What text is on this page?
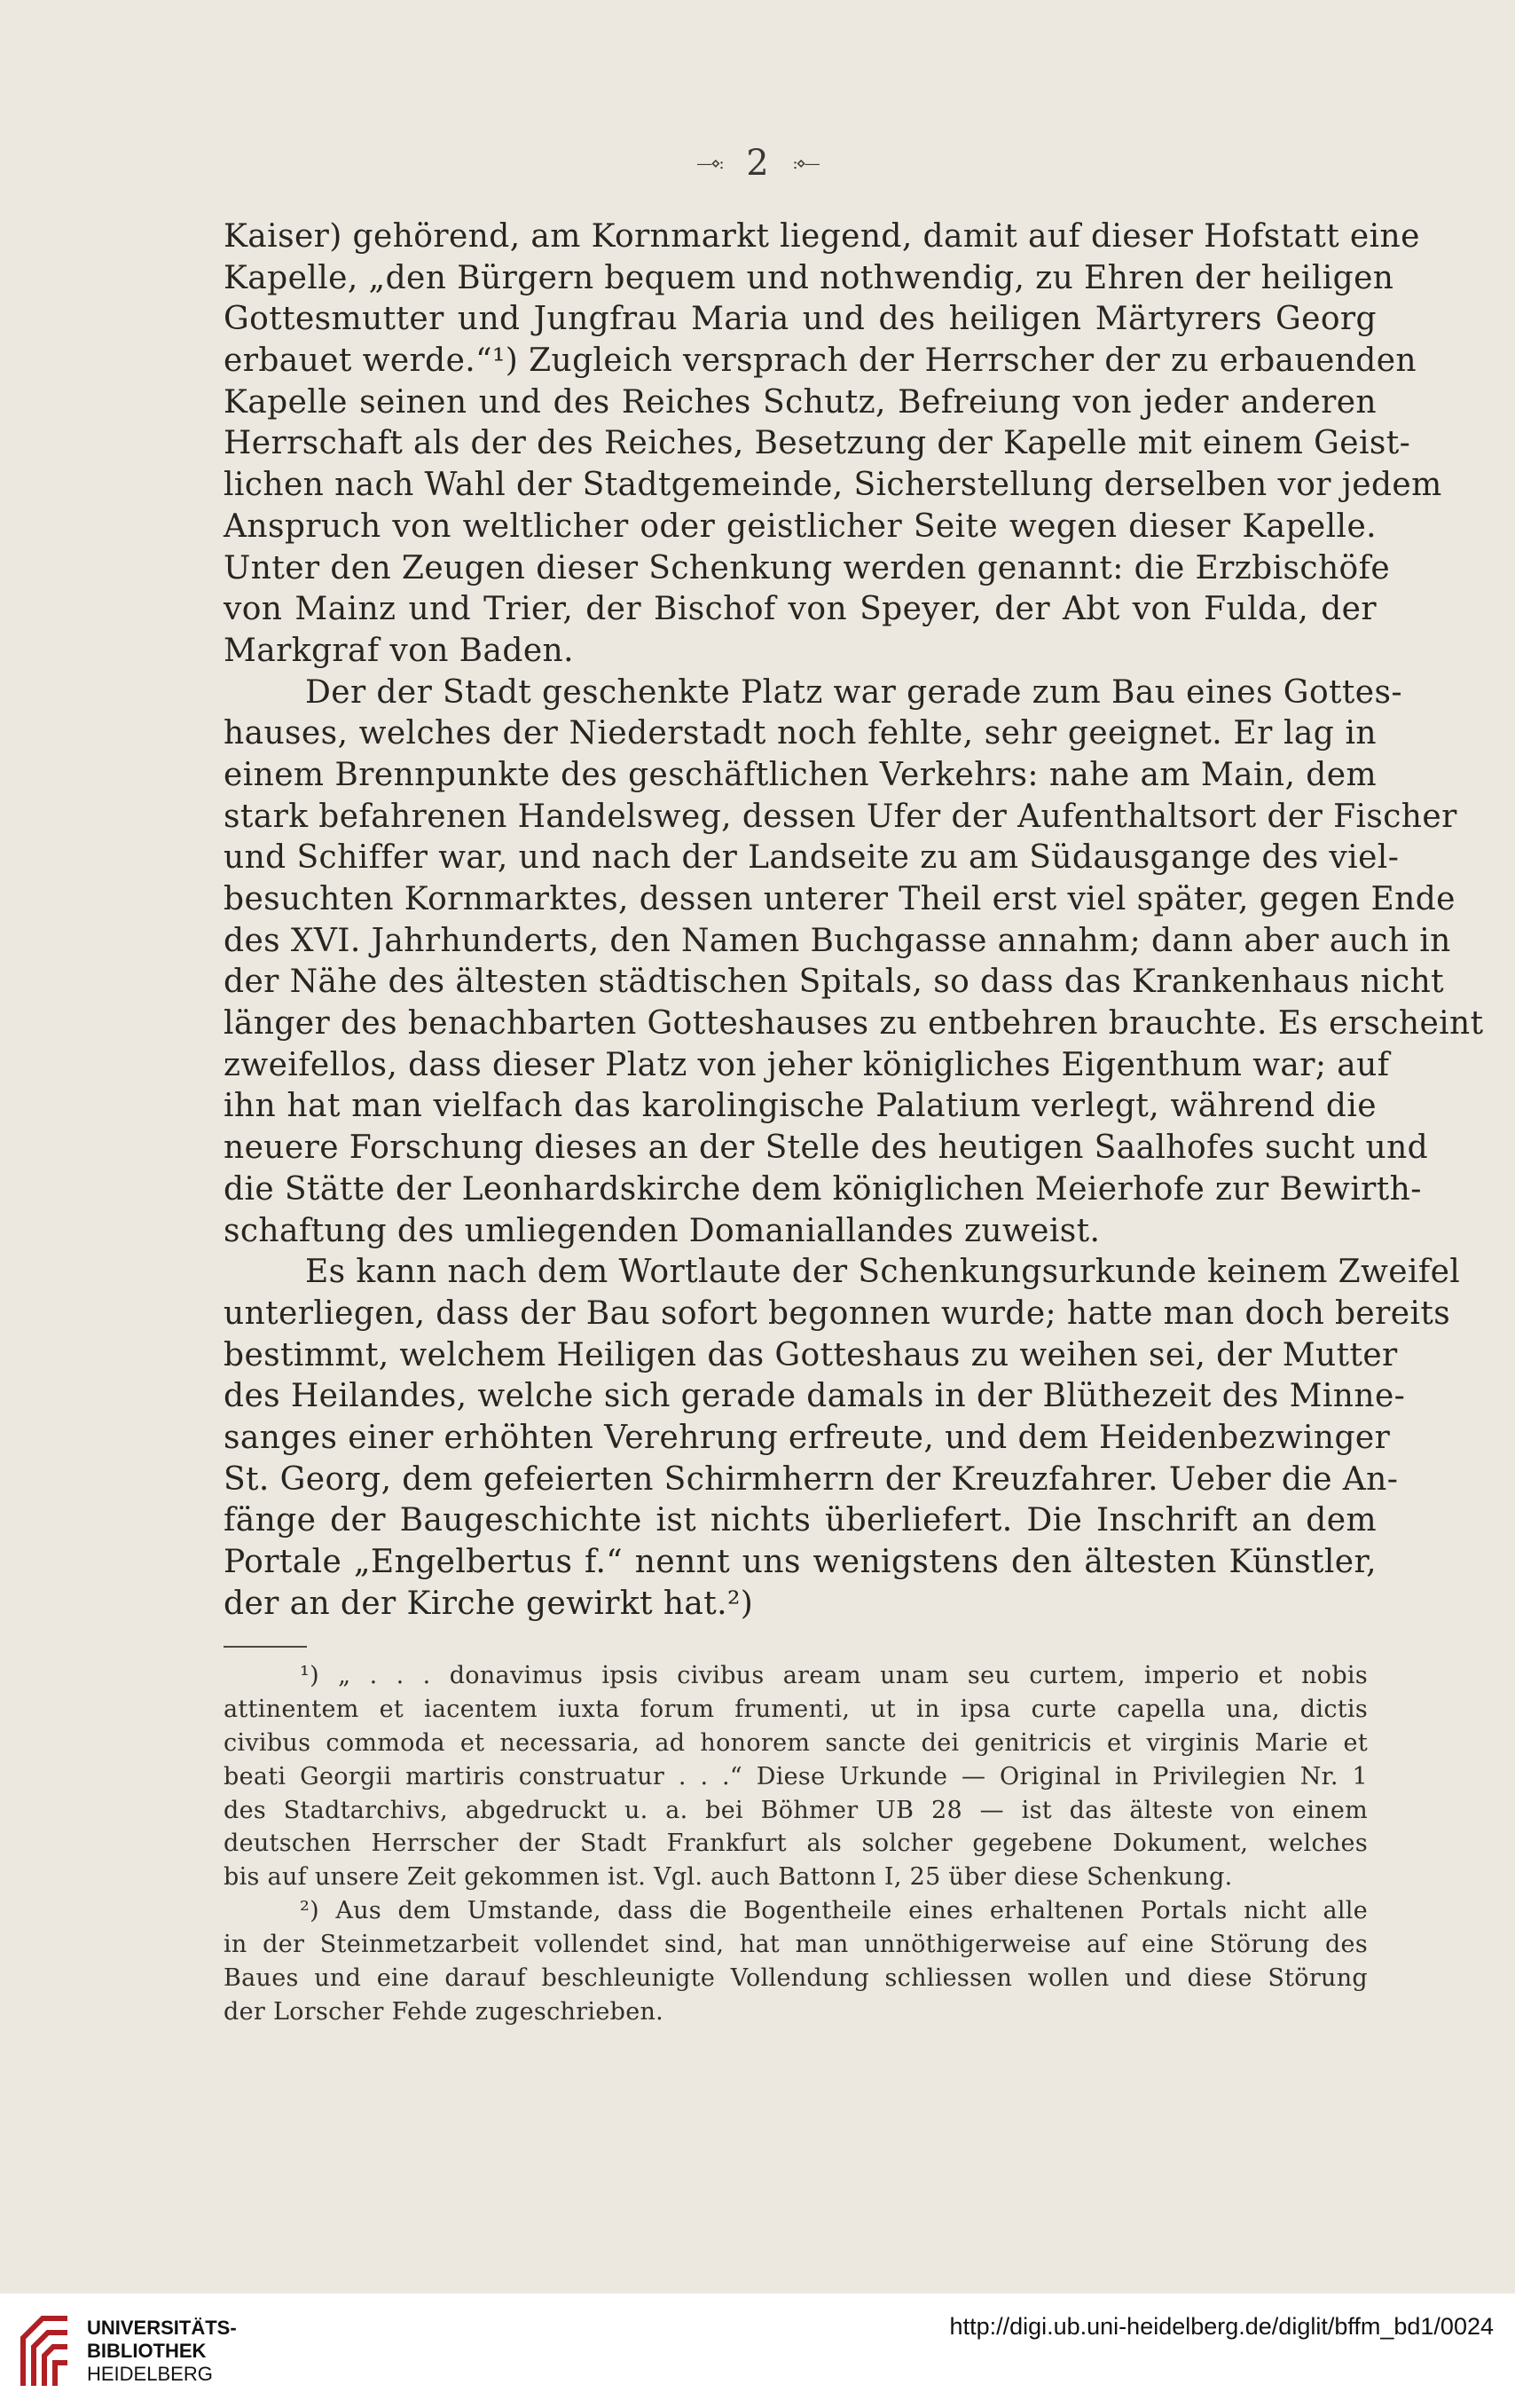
—⋄: 2 :⋄—
Kaiser) gehörend, am Kornmarkt liegend, damit auf dieser Hofstatt eine
Kapelle, „den Bürgern bequem und nothwendig, zu Ehren der heiligen
Gottesmutter und Jungfrau Maria und des heiligen Märtyrers Georg
erbauet werde.“¹) Zugleich versprach der Herrscher der zu erbauenden
Kapelle seinen und des Reiches Schutz, Befreiung von jeder anderen
Herrschaft als der des Reiches, Besetzung der Kapelle mit einem Geist-
lichen nach Wahl der Stadtgemeinde, Sicherstellung derselben vor jedem
Anspruch von weltlicher oder geistlicher Seite wegen dieser Kapelle.
Unter den Zeugen dieser Schenkung werden genannt: die Erzbischöfe
von Mainz und Trier, der Bischof von Speyer, der Abt von Fulda, der
Markgraf von Baden.
Der der Stadt geschenkte Platz war gerade zum Bau eines Gottes-
hauses, welches der Niederstadt noch fehlte, sehr geeignet. Er lag in
einem Brennpunkte des geschäftlichen Verkehrs: nahe am Main, dem
stark befahrenen Handelsweg, dessen Ufer der Aufenthaltsort der Fischer
und Schiffer war, und nach der Landseite zu am Südausgange des viel-
besuchten Kornmarktes, dessen unterer Theil erst viel später, gegen Ende
des XVI. Jahrhunderts, den Namen Buchgasse annahm; dann aber auch in
der Nähe des ältesten städtischen Spitals, so dass das Krankenhaus nicht
länger des benachbarten Gotteshauses zu entbehren brauchte. Es erscheint
zweifellos, dass dieser Platz von jeher königliches Eigenthum war; auf
ihn hat man vielfach das karolingische Palatium verlegt, während die
neuere Forschung dieses an der Stelle des heutigen Saalhofes sucht und
die Stätte der Leonhardskirche dem königlichen Meierhofe zur Bewirth-
schaftung des umliegenden Domaniallandes zuweist.
Es kann nach dem Wortlaute der Schenkungsurkunde keinem Zweifel
unterliegen, dass der Bau sofort begonnen wurde; hatte man doch bereits
bestimmt, welchem Heiligen das Gotteshaus zu weihen sei, der Mutter
des Heilandes, welche sich gerade damals in der Blüthezeit des Minne-
sanges einer erhöhten Verehrung erfreute, und dem Heidenbezwinger
St. Georg, dem gefeierten Schirmherrn der Kreuzfahrer. Ueber die An-
fänge der Baugeschichte ist nichts überliefert. Die Inschrift an dem
Portale „Engelbertus f.“ nennt uns wenigstens den ältesten Künstler,
der an der Kirche gewirkt hat.²)
¹) „ . . . donavimus ipsis civibus aream unam seu curtem, imperio et nobis
attinentem et iacentem iuxta forum frumenti, ut in ipsa curte capella una, dictis
civibus commoda et necessaria, ad honorem sancte dei genitricis et virginis Marie et
beati Georgii martiris construatur . . .“ Diese Urkunde — Original in Privilegien Nr. 1
des Stadtarchivs, abgedruckt u. a. bei Böhmer UB 28 — ist das älteste von einem
deutschen Herrscher der Stadt Frankfurt als solcher gegebene Dokument, welches
bis auf unsere Zeit gekommen ist. Vgl. auch Battonn I, 25 über diese Schenkung.
²) Aus dem Umstande, dass die Bogentheile eines erhaltenen Portals nicht alle
in der Steinmetzarbeit vollendet sind, hat man unnöthigerweise auf eine Störung des
Baues und eine darauf beschleunigte Vollendung schliessen wollen und diese Störung
der Lorscher Fehde zugeschrieben.
UNIVERSITÄTS-
BIBLIOTHEK
HEIDELBERG
http://digi.ub.uni-heidelberg.de/diglit/bffm_bd1/0024
